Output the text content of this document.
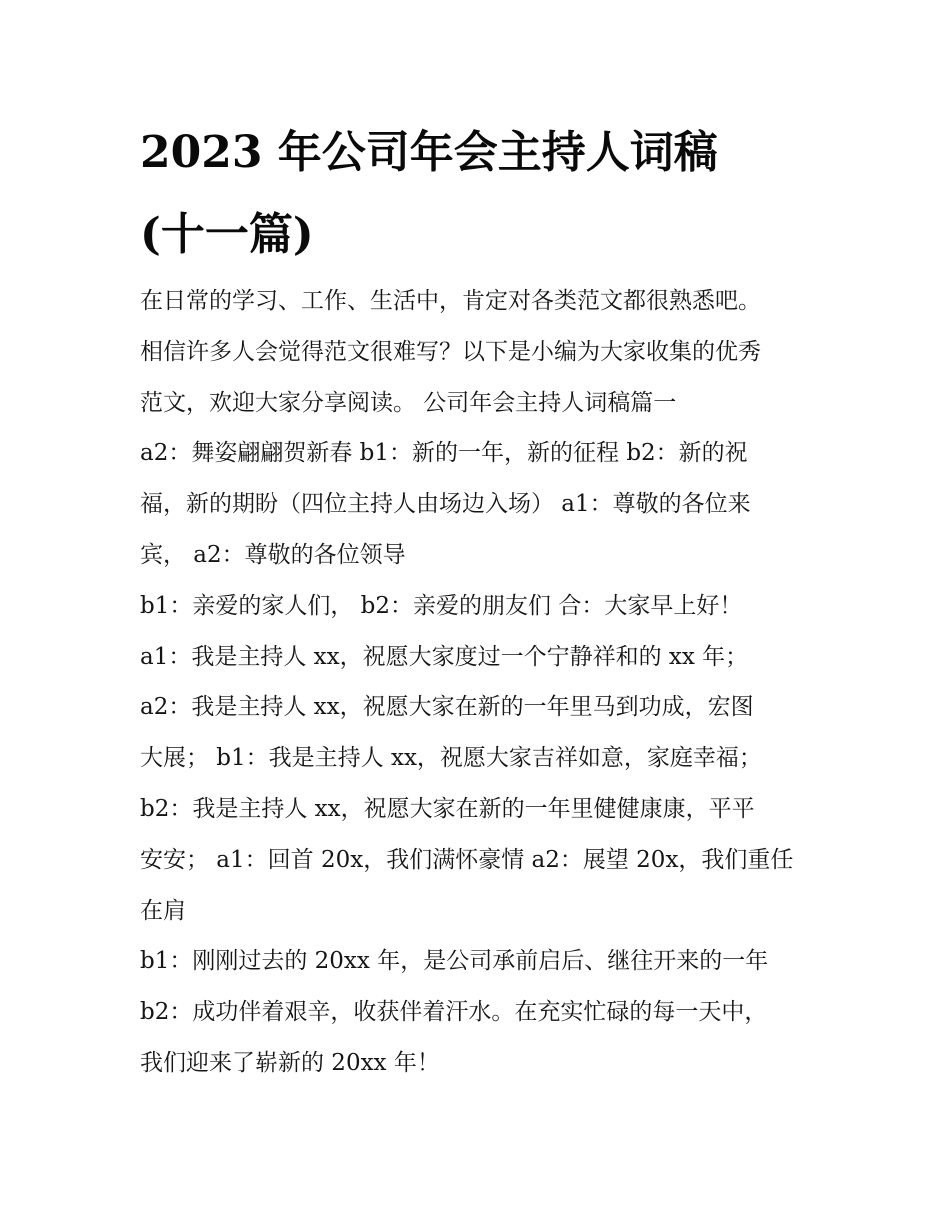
2023 年公司年会主持人词稿
(十一篇)
在日常的学习、工作、生活中，肯定对各类范文都很熟悉吧。
相信许多人会觉得范文很难写？以下是小编为大家收集的优秀
范文，欢迎大家分享阅读。 公司年会主持人词稿篇一
a2：舞姿翩翩贺新春 b1：新的一年，新的征程 b2：新的祝
福，新的期盼（四位主持人由场边入场） a1：尊敬的各位来
宾， a2：尊敬的各位领导
b1：亲爱的家人们， b2：亲爱的朋友们 合：大家早上好！
a1：我是主持人 xx，祝愿大家度过一个宁静祥和的 xx 年；
a2：我是主持人 xx，祝愿大家在新的一年里马到功成，宏图
大展； b1：我是主持人 xx，祝愿大家吉祥如意，家庭幸福；
b2：我是主持人 xx，祝愿大家在新的一年里健健康康，平平
安安； a1：回首 20x，我们满怀豪情 a2：展望 20x，我们重任
在肩
b1：刚刚过去的 20xx 年，是公司承前启后、继往开来的一年
b2：成功伴着艰辛，收获伴着汗水。在充实忙碌的每一天中，
我们迎来了崭新的 20xx 年！
